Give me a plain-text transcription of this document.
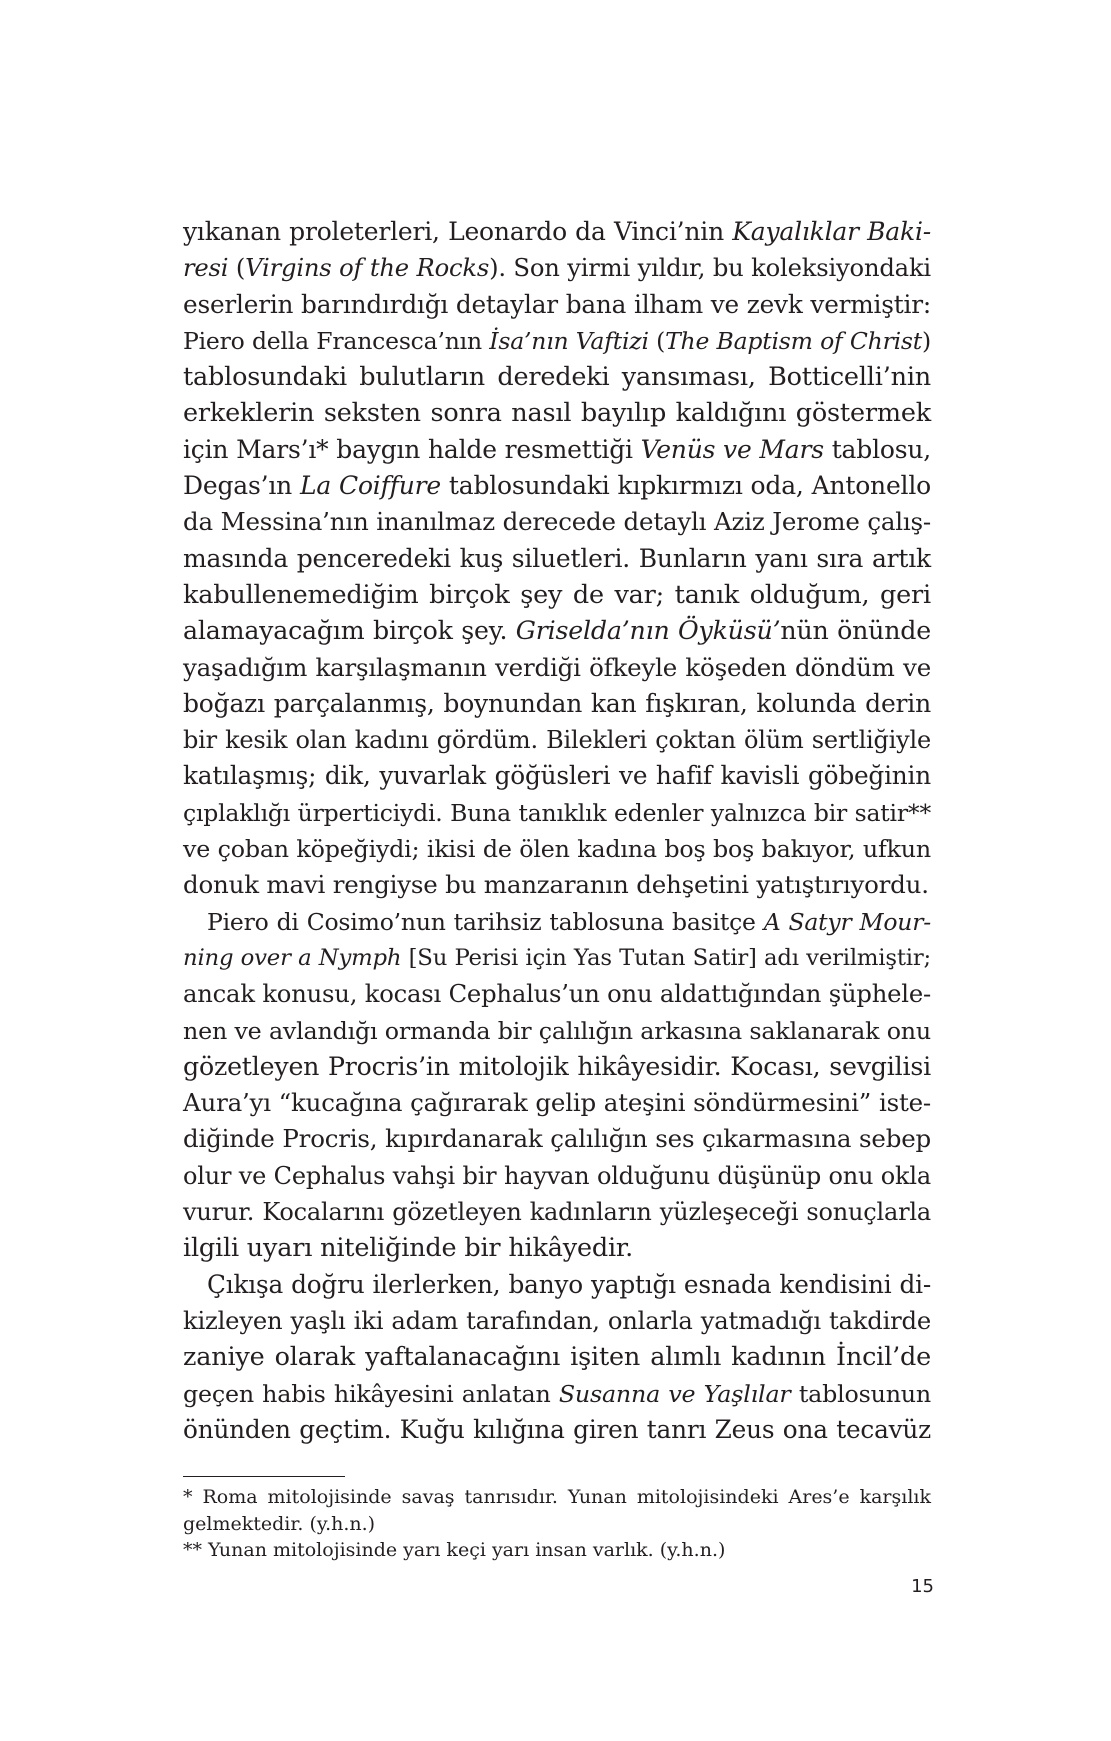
yıkanan proleterleri, Leonardo da Vinci’nin Kayalıklar Baki-
resi (Virgins of the Rocks). Son yirmi yıldır, bu koleksiyondaki
eserlerin barındırdığı detaylar bana ilham ve zevk vermiştir:
Piero della Francesca’nın İsa’nın Vaftizi (The Baptism of Christ)
tablosundaki bulutların deredeki yansıması, Botticelli’nin
erkeklerin seksten sonra nasıl bayılıp kaldığını göstermek
için Mars’ı* baygın halde resmettiği Venüs ve Mars tablosu,
Degas’ın La Coiffure tablosundaki kıpkırmızı oda, Antonello
da Messina’nın inanılmaz derecede detaylı Aziz Jerome çalış-
masında penceredeki kuş siluetleri. Bunların yanı sıra artık
kabullenemediğim birçok şey de var; tanık olduğum, geri
alamayacağım birçok şey. Griselda’nın Öyküsü’nün önünde
yaşadığım karşılaşmanın verdiği öfkeyle köşeden döndüm ve
boğazı parçalanmış, boynundan kan fışkıran, kolunda derin
bir kesik olan kadını gördüm. Bilekleri çoktan ölüm sertliğiyle
katılaşmış; dik, yuvarlak göğüsleri ve hafif kavisli göbeğinin
çıplaklığı ürperticiydi. Buna tanıklık edenler yalnızca bir satir**
ve çoban köpeğiydi; ikisi de ölen kadına boş boş bakıyor, ufkun
donuk mavi rengiyse bu manzaranın dehşetini yatıştırıyordu.
Piero di Cosimo’nun tarihsiz tablosuna basitçe A Satyr Mour-
ning over a Nymph [Su Perisi için Yas Tutan Satir] adı verilmiştir;
ancak konusu, kocası Cephalus’un onu aldattığından şüphele-
nen ve avlandığı ormanda bir çalılığın arkasına saklanarak onu
gözetleyen Procris’in mitolojik hikâyesidir. Kocası, sevgilisi
Aura’yı “kucağına çağırarak gelip ateşini söndürmesini” iste-
diğinde Procris, kıpırdanarak çalılığın ses çıkarmasına sebep
olur ve Cephalus vahşi bir hayvan olduğunu düşünüp onu okla
vurur. Kocalarını gözetleyen kadınların yüzleşeceği sonuçlarla
ilgili uyarı niteliğinde bir hikâyedir.
Çıkışa doğru ilerlerken, banyo yaptığı esnada kendisini di-
kizleyen yaşlı iki adam tarafından, onlarla yatmadığı takdirde
zaniye olarak yaftalanacağını işiten alımlı kadının İncil’de
geçen habis hikâyesini anlatan Susanna ve Yaşlılar tablosunun
önünden geçtim. Kuğu kılığına giren tanrı Zeus ona tecavüz
* Roma mitolojisinde savaş tanrısıdır. Yunan mitolojisindeki Ares’e karşılık
gelmektedir. (y.h.n.)
** Yunan mitolojisinde yarı keçi yarı insan varlık. (y.h.n.)
15
